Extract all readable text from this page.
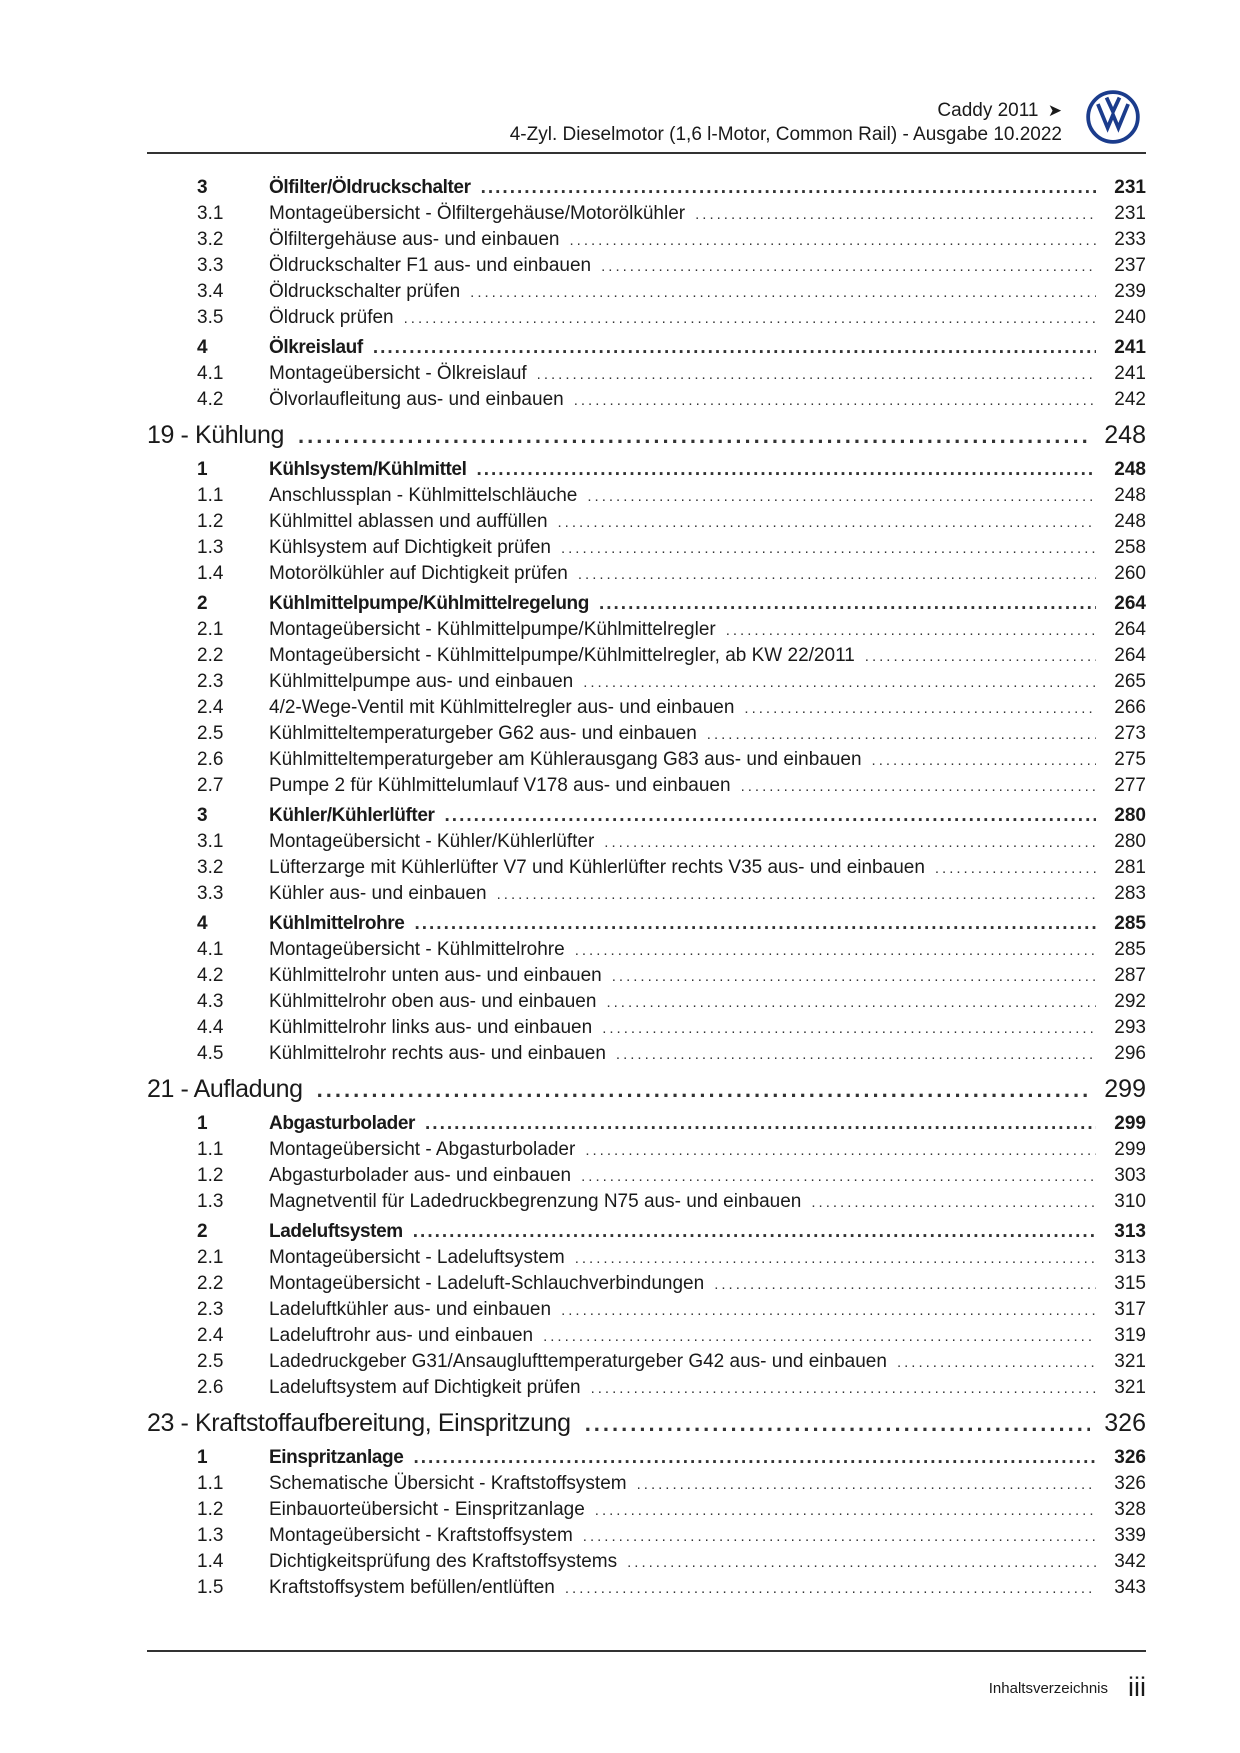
Caddy 2011 ➤
4-Zyl. Dieselmotor (1,6 l-Motor, Common Rail) - Ausgabe 10.2022
3	Ölfilter/Öldruckschalter .....	231
3.1	Montageübersicht - Ölfiltergehäuse/Motorölkühler .....	231
3.2	Ölfiltergehäuse aus- und einbauen .....	233
3.3	Öldruckschalter F1 aus- und einbauen .....	237
3.4	Öldruckschalter prüfen .....	239
3.5	Öldruck prüfen .....	240
4	Ölkreislauf .....	241
4.1	Montageübersicht - Ölkreislauf .....	241
4.2	Ölvorlaufleitung aus- und einbauen .....	242
19 - Kühlung .....	248
1	Kühlsystem/Kühlmittel .....	248
1.1	Anschlussplan - Kühlmittelschläuche .....	248
1.2	Kühlmittel ablassen und auffüllen .....	248
1.3	Kühlsystem auf Dichtigkeit prüfen .....	258
1.4	Motorölkühler auf Dichtigkeit prüfen .....	260
2	Kühlmittelpumpe/Kühlmittelregelung .....	264
2.1	Montageübersicht - Kühlmittelpumpe/Kühlmittelregler .....	264
2.2	Montageübersicht - Kühlmittelpumpe/Kühlmittelregler, ab KW 22/2011 .....	264
2.3	Kühlmittelpumpe aus- und einbauen .....	265
2.4	4/2-Wege-Ventil mit Kühlmittelregler aus- und einbauen .....	266
2.5	Kühlmitteltemperaturgeber G62 aus- und einbauen .....	273
2.6	Kühlmitteltemperaturgeber am Kühlerausgang G83 aus- und einbauen .....	275
2.7	Pumpe 2 für Kühlmittelumlauf V178 aus- und einbauen .....	277
3	Kühler/Kühlerlüfter .....	280
3.1	Montageübersicht - Kühler/Kühlerlüfter .....	280
3.2	Lüfterzarge mit Kühlerlüfter V7 und Kühlerlüfter rechts V35 aus- und einbauen .....	281
3.3	Kühler aus- und einbauen .....	283
4	Kühlmittelrohre .....	285
4.1	Montageübersicht - Kühlmittelrohre .....	285
4.2	Kühlmittelrohr unten aus- und einbauen .....	287
4.3	Kühlmittelrohr oben aus- und einbauen .....	292
4.4	Kühlmittelrohr links aus- und einbauen .....	293
4.5	Kühlmittelrohr rechts aus- und einbauen .....	296
21 - Aufladung .....	299
1	Abgasturbolader .....	299
1.1	Montageübersicht - Abgasturbolader .....	299
1.2	Abgasturbolader aus- und einbauen .....	303
1.3	Magnetventil für Ladedruckbegrenzung N75 aus- und einbauen .....	310
2	Ladeluftsystem .....	313
2.1	Montageübersicht - Ladeluftsystem .....	313
2.2	Montageübersicht - Ladeluft-Schlauchverbindungen .....	315
2.3	Ladeluftkühler aus- und einbauen .....	317
2.4	Ladeluftrohr aus- und einbauen .....	319
2.5	Ladedruckgeber G31/Ansauglufttemperaturgeber G42 aus- und einbauen .....	321
2.6	Ladeluftsystem auf Dichtigkeit prüfen .....	321
23 - Kraftstoffaufbereitung, Einspritzung .....	326
1	Einspritzanlage .....	326
1.1	Schematische Übersicht - Kraftstoffsystem .....	326
1.2	Einbauorteübersicht - Einspritzanlage .....	328
1.3	Montageübersicht - Kraftstoffsystem .....	339
1.4	Dichtigkeitsprüfung des Kraftstoffsystems .....	342
1.5	Kraftstoffsystem befüllen/entlüften .....	343
Inhaltsverzeichnis iii
